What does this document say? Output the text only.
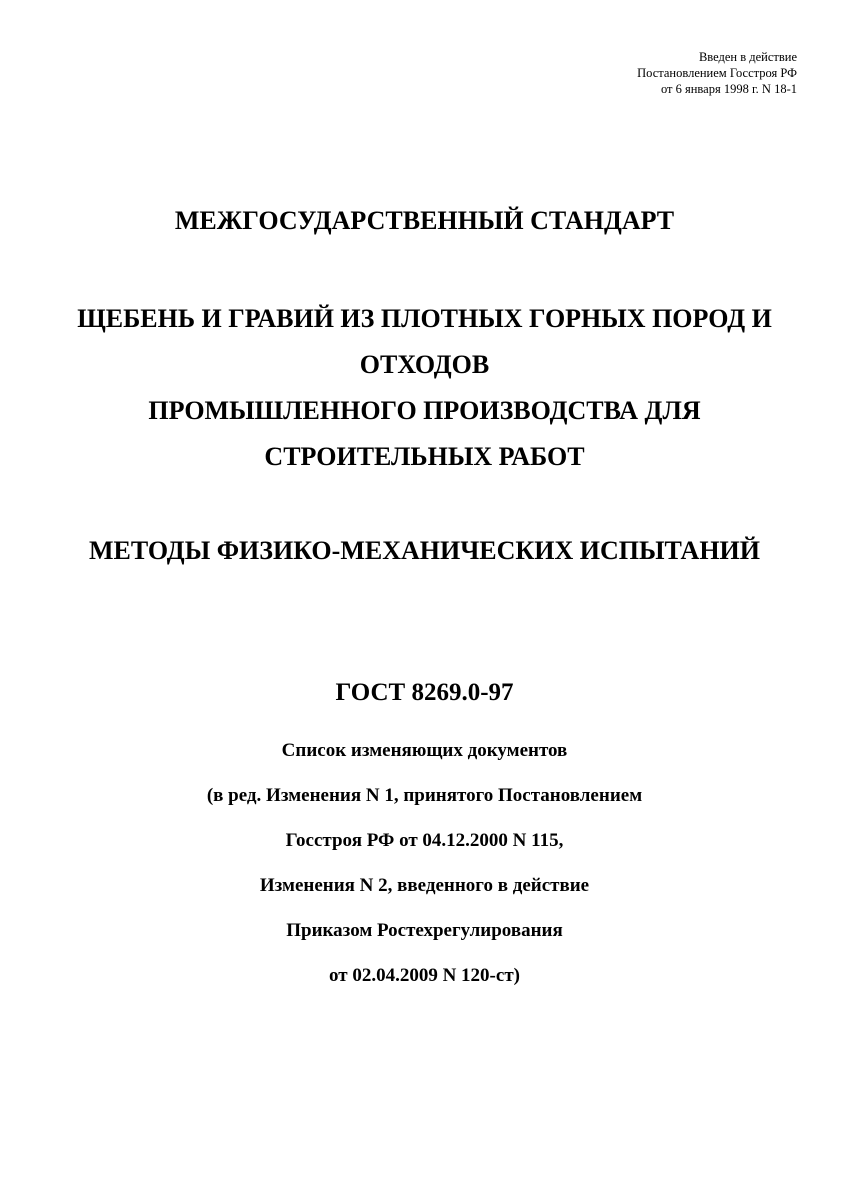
Введен в действие
Постановлением Госстроя РФ
от 6 января 1998 г. N 18-1
МЕЖГОСУДАРСТВЕННЫЙ СТАНДАРТ
ЩЕБЕНЬ И ГРАВИЙ ИЗ ПЛОТНЫХ ГОРНЫХ ПОРОД И
ОТХОДОВ
ПРОМЫШЛЕННОГО ПРОИЗВОДСТВА ДЛЯ
СТРОИТЕЛЬНЫХ РАБОТ
МЕТОДЫ ФИЗИКО-МЕХАНИЧЕСКИХ ИСПЫТАНИЙ
ГОСТ 8269.0-97
Список изменяющих документов
(в ред. Изменения N 1, принятого Постановлением
Госстроя РФ от 04.12.2000 N 115,
Изменения N 2, введенного в действие
Приказом Ростехрегулирования
от 02.04.2009 N 120-ст)
